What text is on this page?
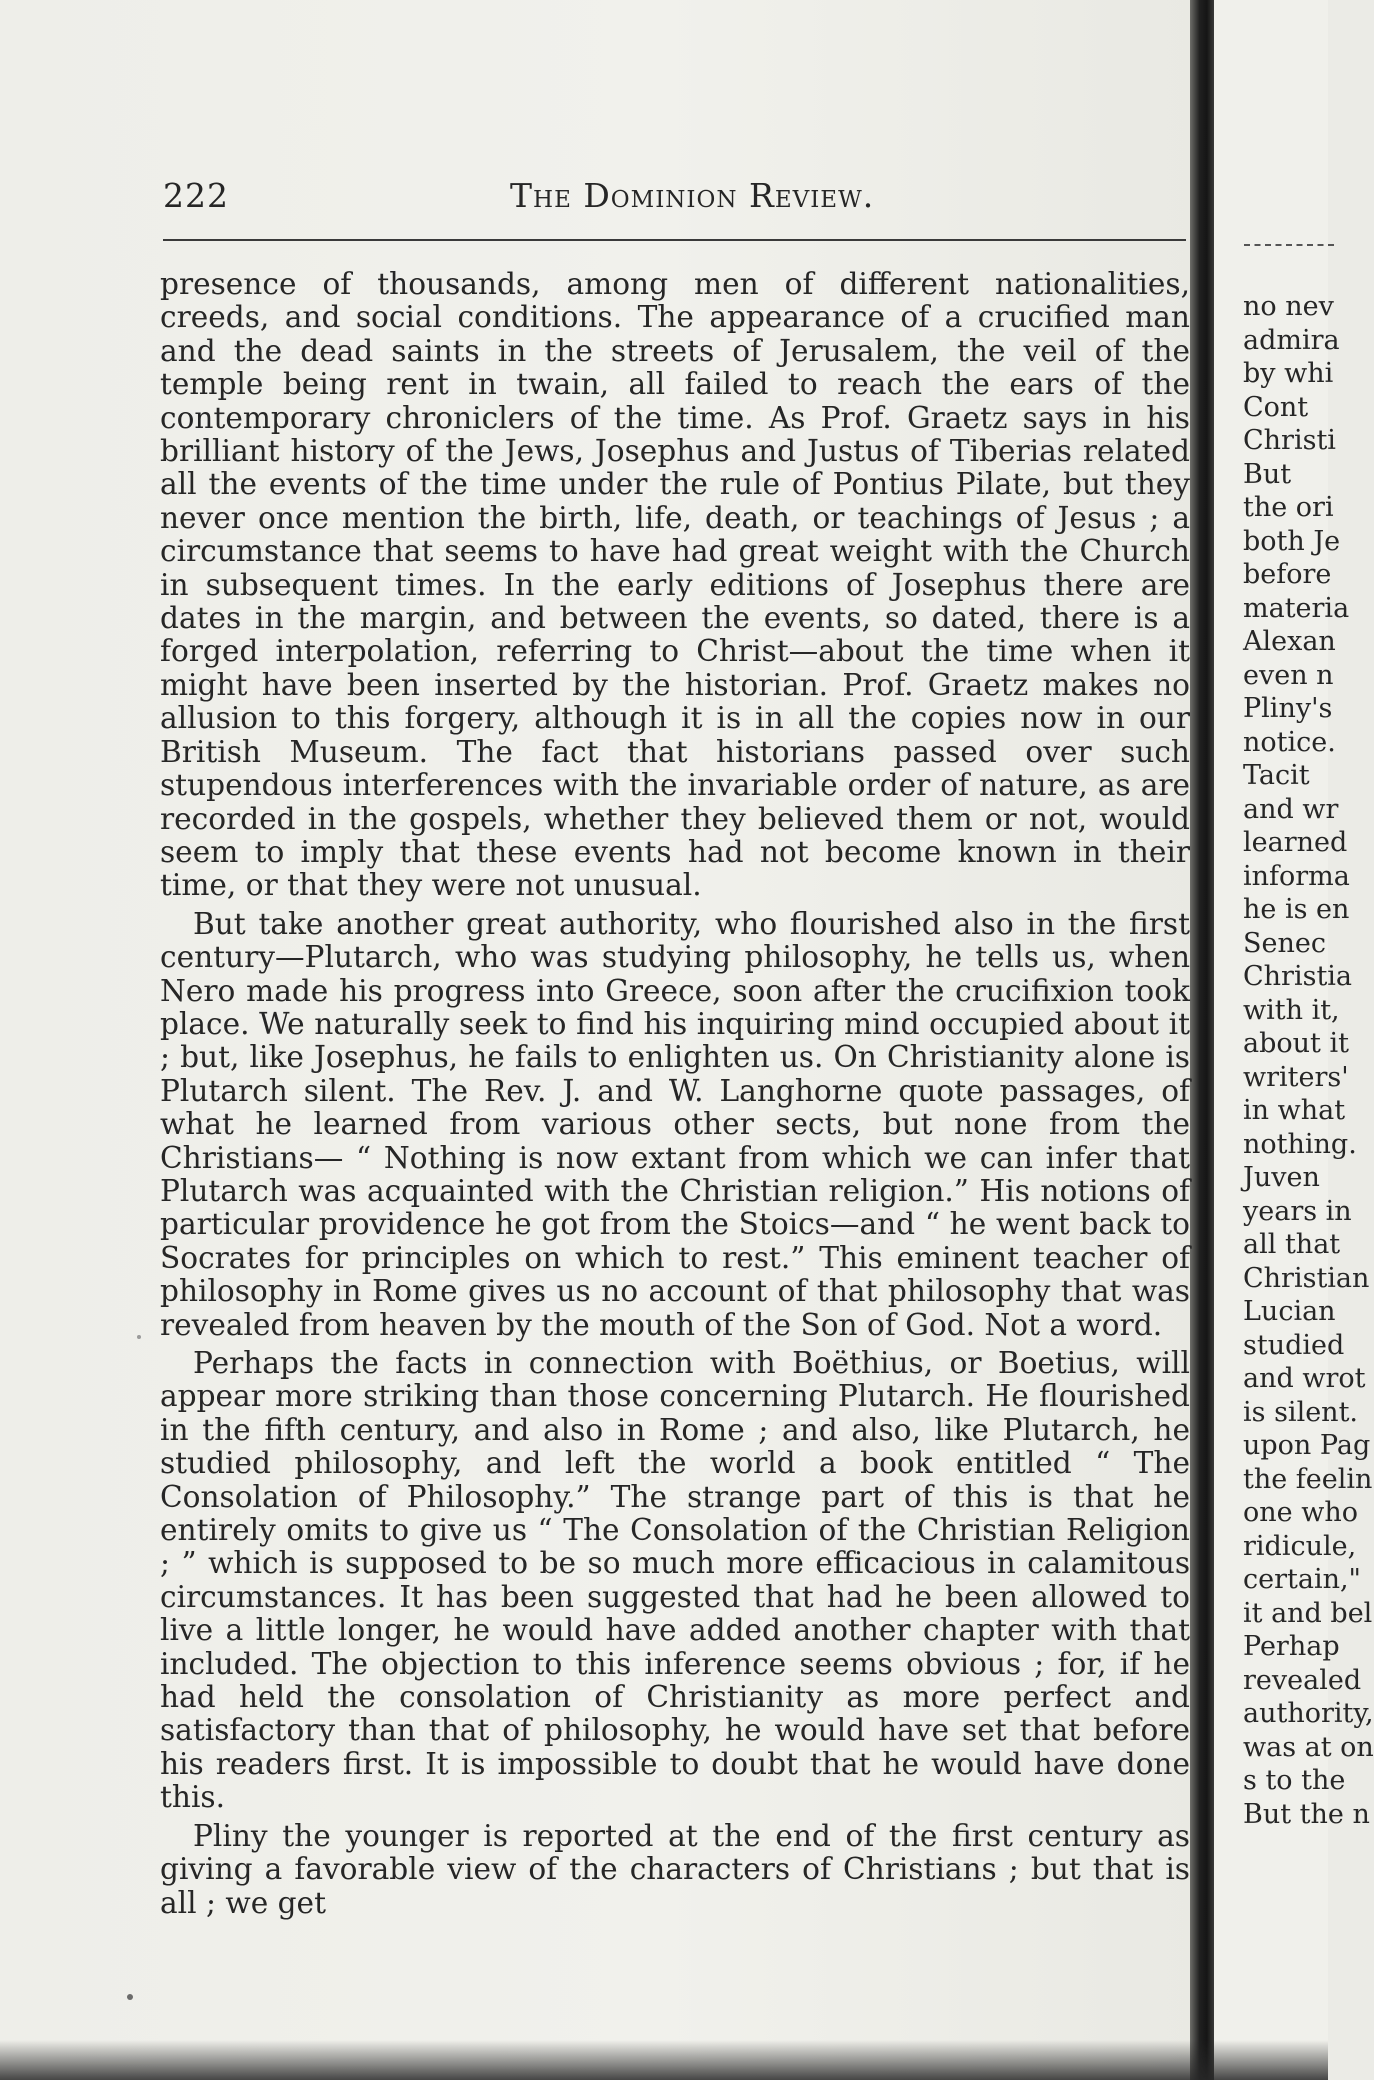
222	The Dominion Review.

presence of thousands, among men of different nationalities, creeds, and social conditions. The appearance of a crucified man and the dead saints in the streets of Jerusalem, the veil of the temple being rent in twain, all failed to reach the ears of the contemporary chroniclers of the time. As Prof. Graetz says in his brilliant history of the Jews, Josephus and Justus of Tiberias related all the events of the time under the rule of Pontius Pilate, but they never once mention the birth, life, death, or teachings of Jesus ; a circumstance that seems to have had great weight with the Church in subsequent times. In the early editions of Josephus there are dates in the margin, and between the events, so dated, there is a forged interpolation, referring to Christ—about the time when it might have been inserted by the historian. Prof. Graetz makes no allusion to this forgery, although it is in all the copies now in our British Museum. The fact that historians passed over such stupendous interferences with the invariable order of nature, as are recorded in the gospels, whether they believed them or not, would seem to imply that these events had not become known in their time, or that they were not unusual.

But take another great authority, who flourished also in the first century—Plutarch, who was studying philosophy, he tells us, when Nero made his progress into Greece, soon after the crucifixion took place. We naturally seek to find his inquiring mind occupied about it ; but, like Josephus, he fails to enlighten us. On Christianity alone is Plutarch silent. The Rev. J. and W. Langhorne quote passages, of what he learned from various other sects, but none from the Christians— “ Nothing is now extant from which we can infer that Plutarch was acquainted with the Christian religion.” His notions of particular providence he got from the Stoics—and “ he went back to Socrates for principles on which to rest.” This eminent teacher of philosophy in Rome gives us no account of that philosophy that was revealed from heaven by the mouth of the Son of God. Not a word.

Perhaps the facts in connection with Boëthius, or Boetius, will appear more striking than those concerning Plutarch. He flourished in the fifth century, and also in Rome ; and also, like Plutarch, he studied philosophy, and left the world a book entitled “ The Consolation of Philosophy.” The strange part of this is that he entirely omits to give us “ The Consolation of the Christian Religion ; ” which is supposed to be so much more efficacious in calamitous circumstances. It has been suggested that had he been allowed to live a little longer, he would have added another chapter with that included. The objection to this inference seems obvious ; for, if he had held the consolation of Christianity as more perfect and satisfactory than that of philosophy, he would have set that before his readers first. It is impossible to doubt that he would have done this.

Pliny the younger is reported at the end of the first century as giving a favorable view of the characters of Christians ; but that is all ; we get

no nev
admira
by whi
Cont
Christi
But
the ori
both Je
before
materia
Alexan
even n
Pliny's
notice.
Tacit
and wr
learned
informa
he is en
Senec
Christia
with it,
about it
writers'
in what
nothing.
Juven
years in
all that
Christian
Lucian
studied
and wrot
is silent.
upon Pag
the feelin
one who
ridicule,
certain,"
it and bel
Perhap
revealed
authority,
was at on
s to the
But the n
